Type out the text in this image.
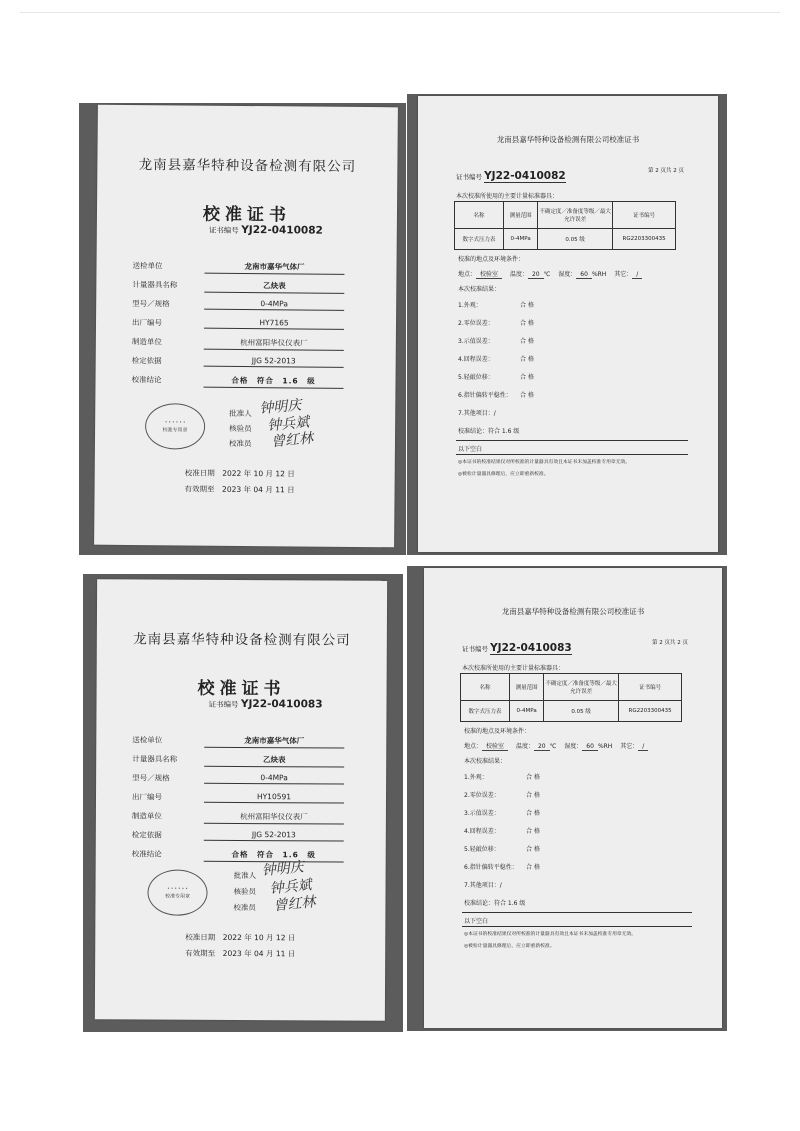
龙南县嘉华特种设备检测有限公司
校准证书
证书编号 YJ22-0410082
送检单位	龙南市嘉华气体厂
计量器具名称	乙炔表
型号／规格	0-4MPa
出厂编号	HY7165
制造单位	杭州富阳华仪仪表厂
检定依据	JJG 52-2013
校准结论	合格　符合　1.6　级
• • • • • •
校准专用章
批准人
核验员
校准员
钟明庆
钟兵斌
曾红林
校准日期　 2022 年 10 月 12 日
有效期至　 2023 年 04 月 11 日
龙南县嘉华特种设备检测有限公司
校准证书
证书编号 YJ22-0410083
送检单位	龙南市嘉华气体厂
计量器具名称	乙炔表
型号／规格	0-4MPa
出厂编号	HY10591
制造单位	杭州富阳华仪仪表厂
检定依据	JJG 52-2013
校准结论	合格　符合　1.6　级
• • • • • •
校准专用章
批准人
核验员
校准员
钟明庆
钟兵斌
曾红林
校准日期　 2022 年 10 月 12 日
有效期至　 2023 年 04 月 11 日
龙南县嘉华特种设备检测有限公司校准证书
证书编号 YJ22-0410082	第 2 页共 2 页
本次校准所使用的主要计量标准器具：
名称	测量范围	不确定度／准备度等级／最大允许误差	证书编号
数字式压力表	0-4MPa	0.05 级	RG2203300435
校准的地点及环境条件：
地点： 校验室 　 温度： 20 ℃ 　 湿度： 60 %RH 　 其它： /
本次校准结果：
1.外观：	合格
2.零位误差：	合格
3.示值误差：	合格
4.回程误差：	合格
5.轻敲位移：	合格
6.指针偏转平稳性： 合格
7.其他项目：/
校准结论：符合 1.6 级
以下空白
◎本证书的校准结果仅对所校准的计量器具有效且本证书未加盖校准专用章无效。
◎被检计量器具修理后，应立即重新校准。
龙南县嘉华特种设备检测有限公司校准证书
证书编号 YJ22-0410083	第 2 页共 2 页
本次校准所使用的主要计量标准器具：
名称	测量范围	不确定度／准备度等级／最大允许误差	证书编号
数字式压力表	0-4MPa	0.05 级	RG2203300435
校准的地点及环境条件：
地点： 校验室 　 温度： 20 ℃ 　 湿度： 60 %RH 　 其它： /
本次校准结果：
1.外观：	合格
2.零位误差：	合格
3.示值误差：	合格
4.回程误差：	合格
5.轻敲位移：	合格
6.指针偏转平稳性： 合格
7.其他项目：/
校准结论：符合 1.6 级
以下空白
◎本证书的校准结果仅对所校准的计量器具有效且本证书未加盖校准专用章无效。
◎被检计量器具修理后，应立即重新校准。
